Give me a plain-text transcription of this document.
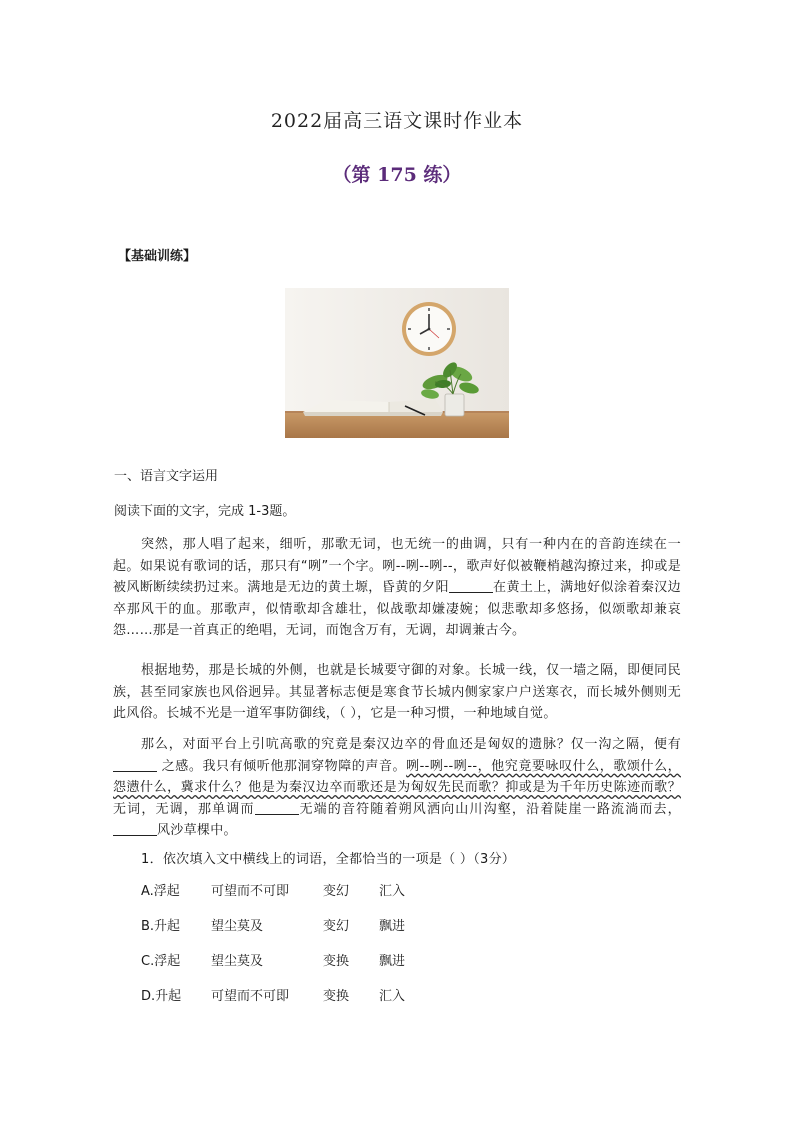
2022届高三语文课时作业本
（第 175 练）
【基础训练】
一、语言文字运用
阅读下面的文字，完成 1-3题。
突然，那人唱了起来，细听，那歌无词，也无统一的曲调，只有一种内在的音韵连续在一起。如果说有歌词的话，那只有“咧”一个字。咧--咧--咧--，歌声好似被鞭梢越沟撩过来，抑或是被风断断续续扔过来。满地是无边的黄土塬，昏黄的夕阳	在黄土上，满地好似涂着秦汉边卒那风干的血。那歌声，似情歌却含雄壮，似战歌却嫌凄婉；似悲歌却多悠扬，似颂歌却兼哀怨……那是一首真正的绝唱，无词，而饱含万有，无调，却调兼古今。
根据地势，那是长城的外侧，也就是长城要守御的对象。长城一线，仅一墙之隔，即便同民族，甚至同家族也风俗迥异。其显著标志便是寒食节长城内侧家家户户送寒衣，而长城外侧则无此风俗。长城不光是一道军事防御线，（ ），它是一种习惯，一种地域自觉。
那么，对面平台上引吭高歌的究竟是秦汉边卒的骨血还是匈奴的遗脉？仅一沟之隔，便有 之感。我只有倾听他那洞穿物障的声音。咧--咧--咧--，他究竟要咏叹什么，歌颂什么，怨懑什么，冀求什么？他是为秦汉边卒而歌还是为匈奴先民而歌？抑或是为千年历史陈迹而歌？无词，无调，那单调而	无端的音符随着朔风洒向山川沟壑，沿着陡崖一路流淌而去，风沙草棵中。
1．依次填入文中横线上的词语，全都恰当的一项是（ ）（3分）
A.浮起 可望而不可即	变幻 汇入
B.升起 望尘莫及	变幻 飘进
C.浮起 望尘莫及	变换 飘进
D.升起 可望而不可即	变换 汇入
